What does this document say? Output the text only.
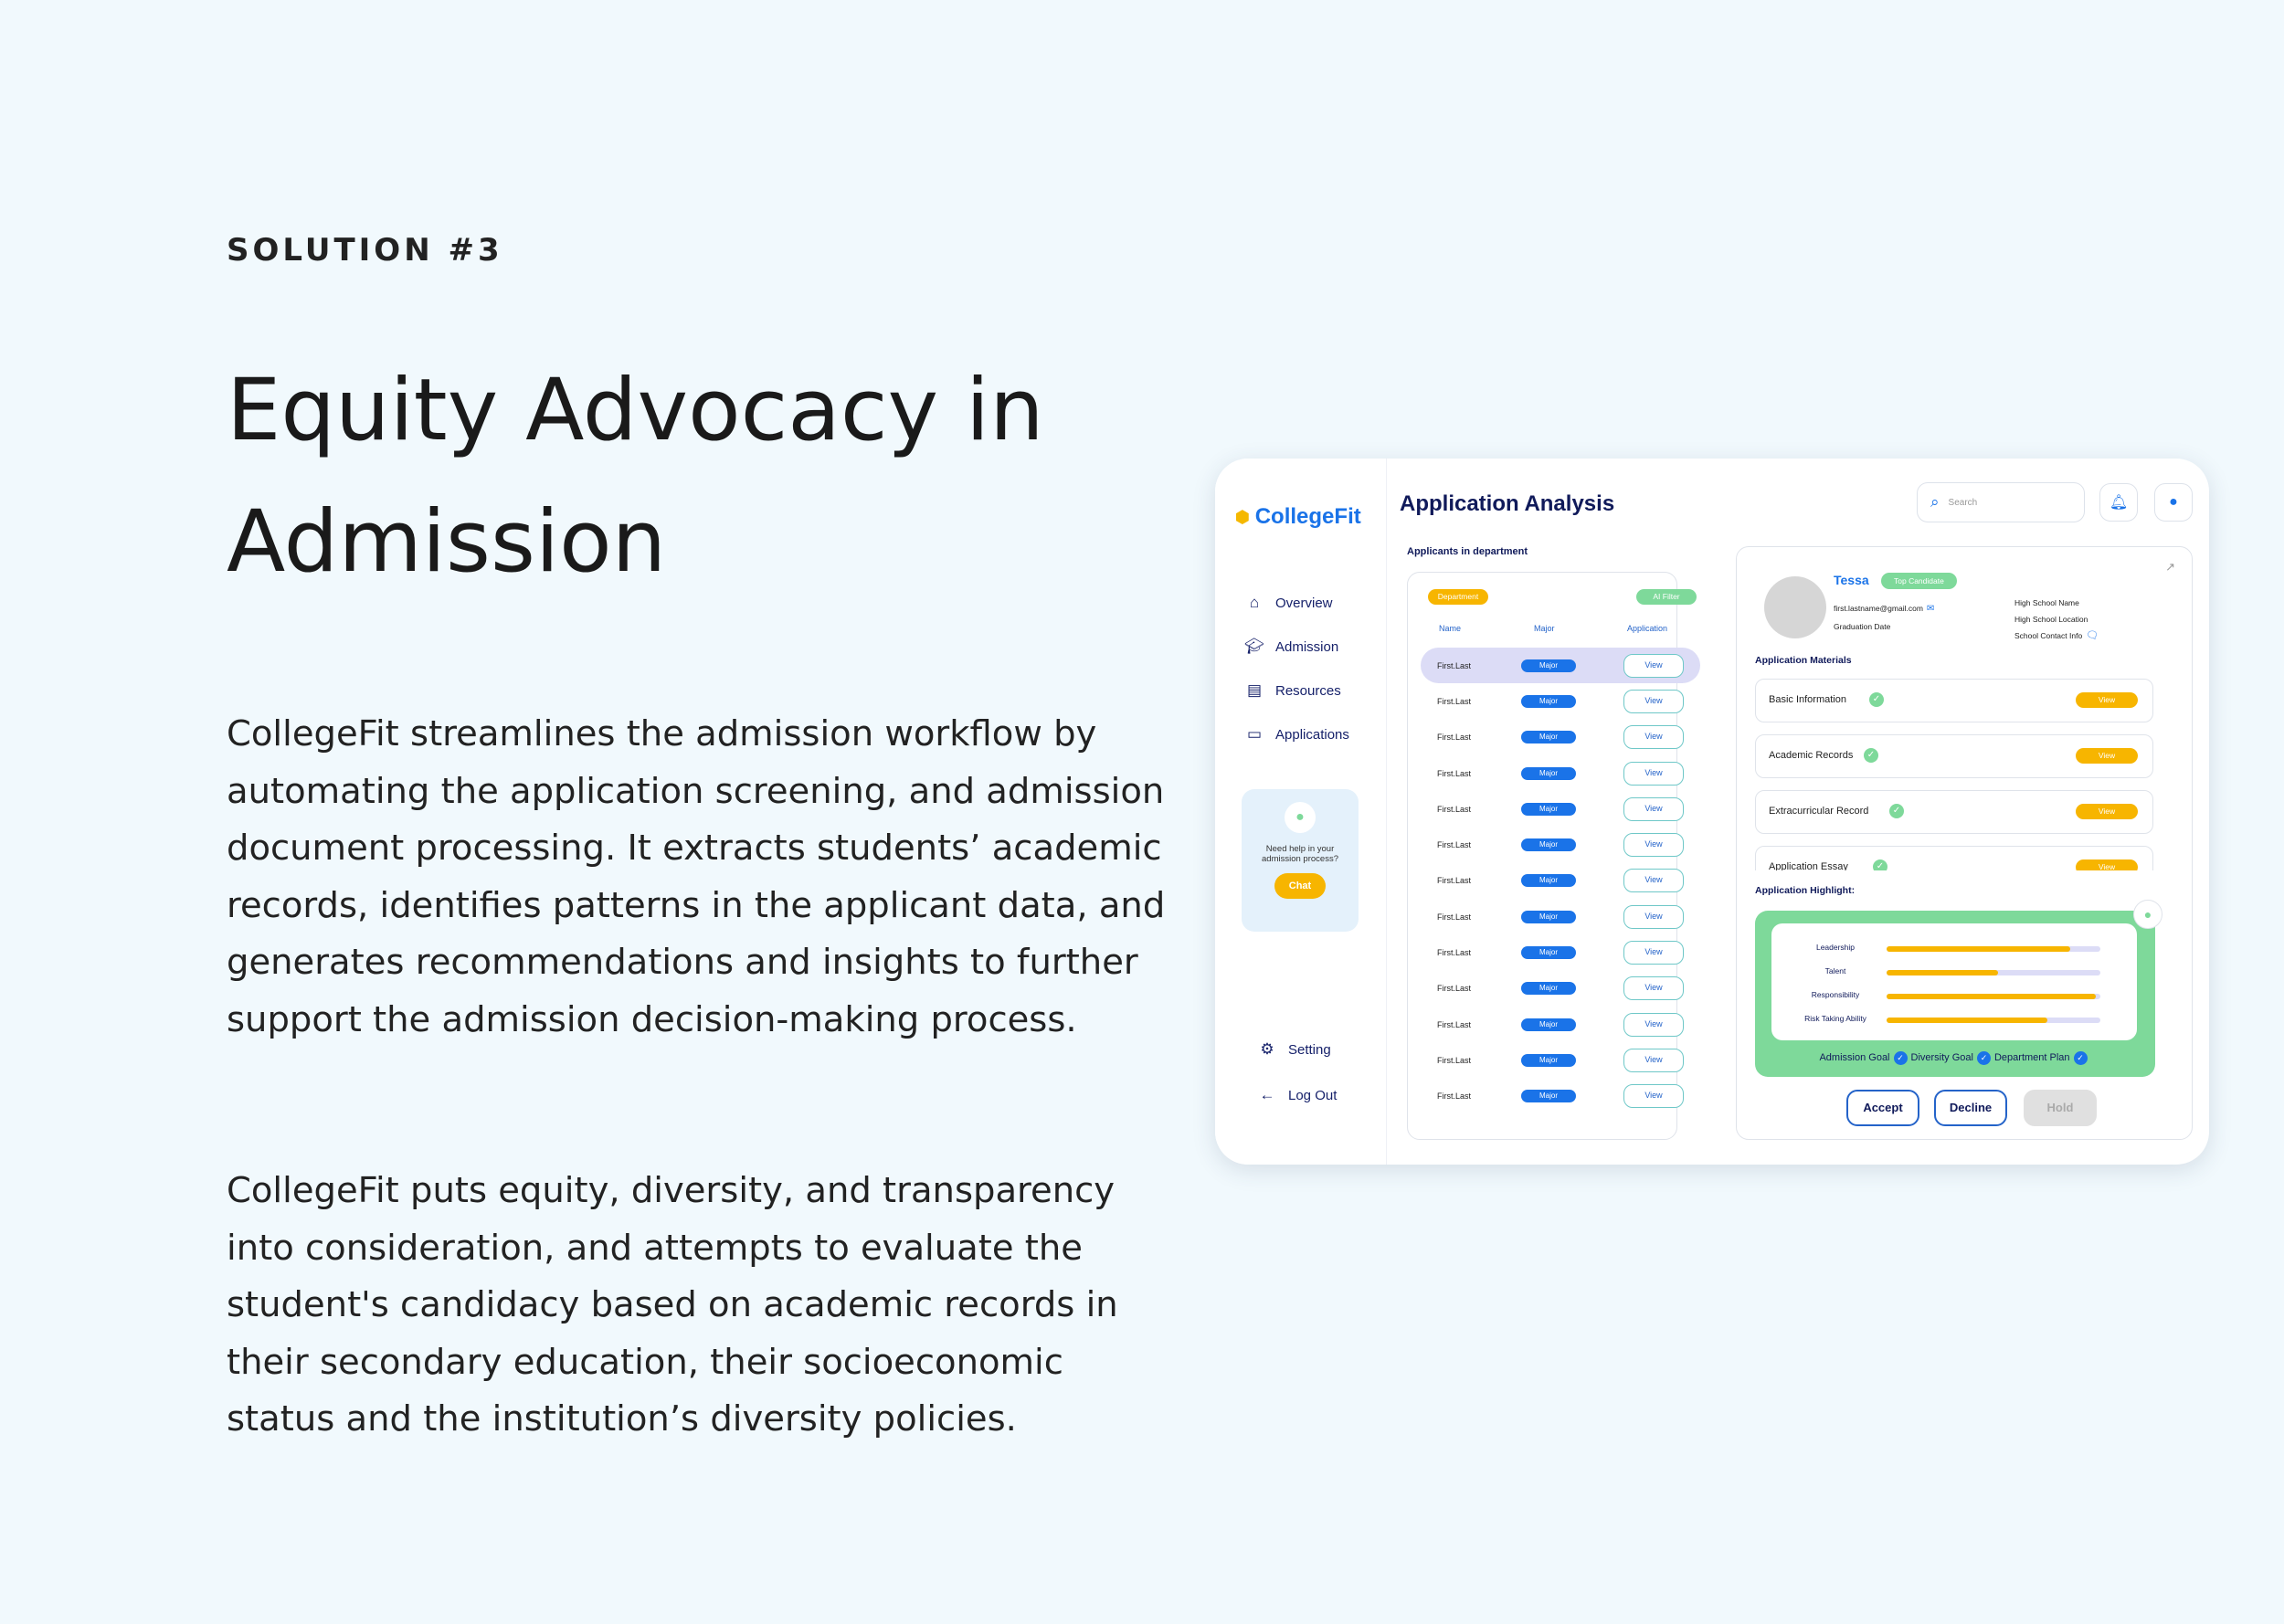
SOLUTION #3
Equity Advocacy in Admission
CollegeFit streamlines the admission workflow by automating the application screening, and admission document processing. It extracts students’ academic records, identifies patterns in the applicant data, and generates recommendations and insights to further support the admission decision-making process.
CollegeFit puts equity, diversity, and transparency into consideration, and attempts to evaluate the student's candidacy based on academic records in their secondary education, their socioeconomic status and the institution’s diversity policies.
⬢ CollegeFit
⌂	Overview
🎓︎ Admission
▤ Resources
▭ Applications
●
Need help in your admission process?
Chat
⚙ Setting
← Log Out
Application Analysis	⌕ Search	🔔︎	●
Applicants in department
Department	AI Filter
Name	Major	Application
First.Last	Major	View
First.Last	Major	View
First.Last	Major	View
First.Last	Major	View
First.Last	Major	View
First.Last	Major	View
First.Last	Major	View
First.Last	Major	View
First.Last	Major	View
First.Last	Major	View
First.Last	Major	View
First.Last	Major	View
First.Last	Major	View
↗
Tessa	Top Candidate
first.lastname@gmail.com ✉
Graduation Date
High School Name
High School Location
School Contact Info 🗨︎
Application Materials
Basic Information	✓	View
Academic Records	✓	View
Extracurricular Record	✓	View
Application Essay	✓	View
Application Highlight:
●
Leadership
Talent
Responsibility
Risk Taking Ability
Admission Goal ✓ Diversity Goal ✓ Department Plan ✓
Accept	Decline	Hold
